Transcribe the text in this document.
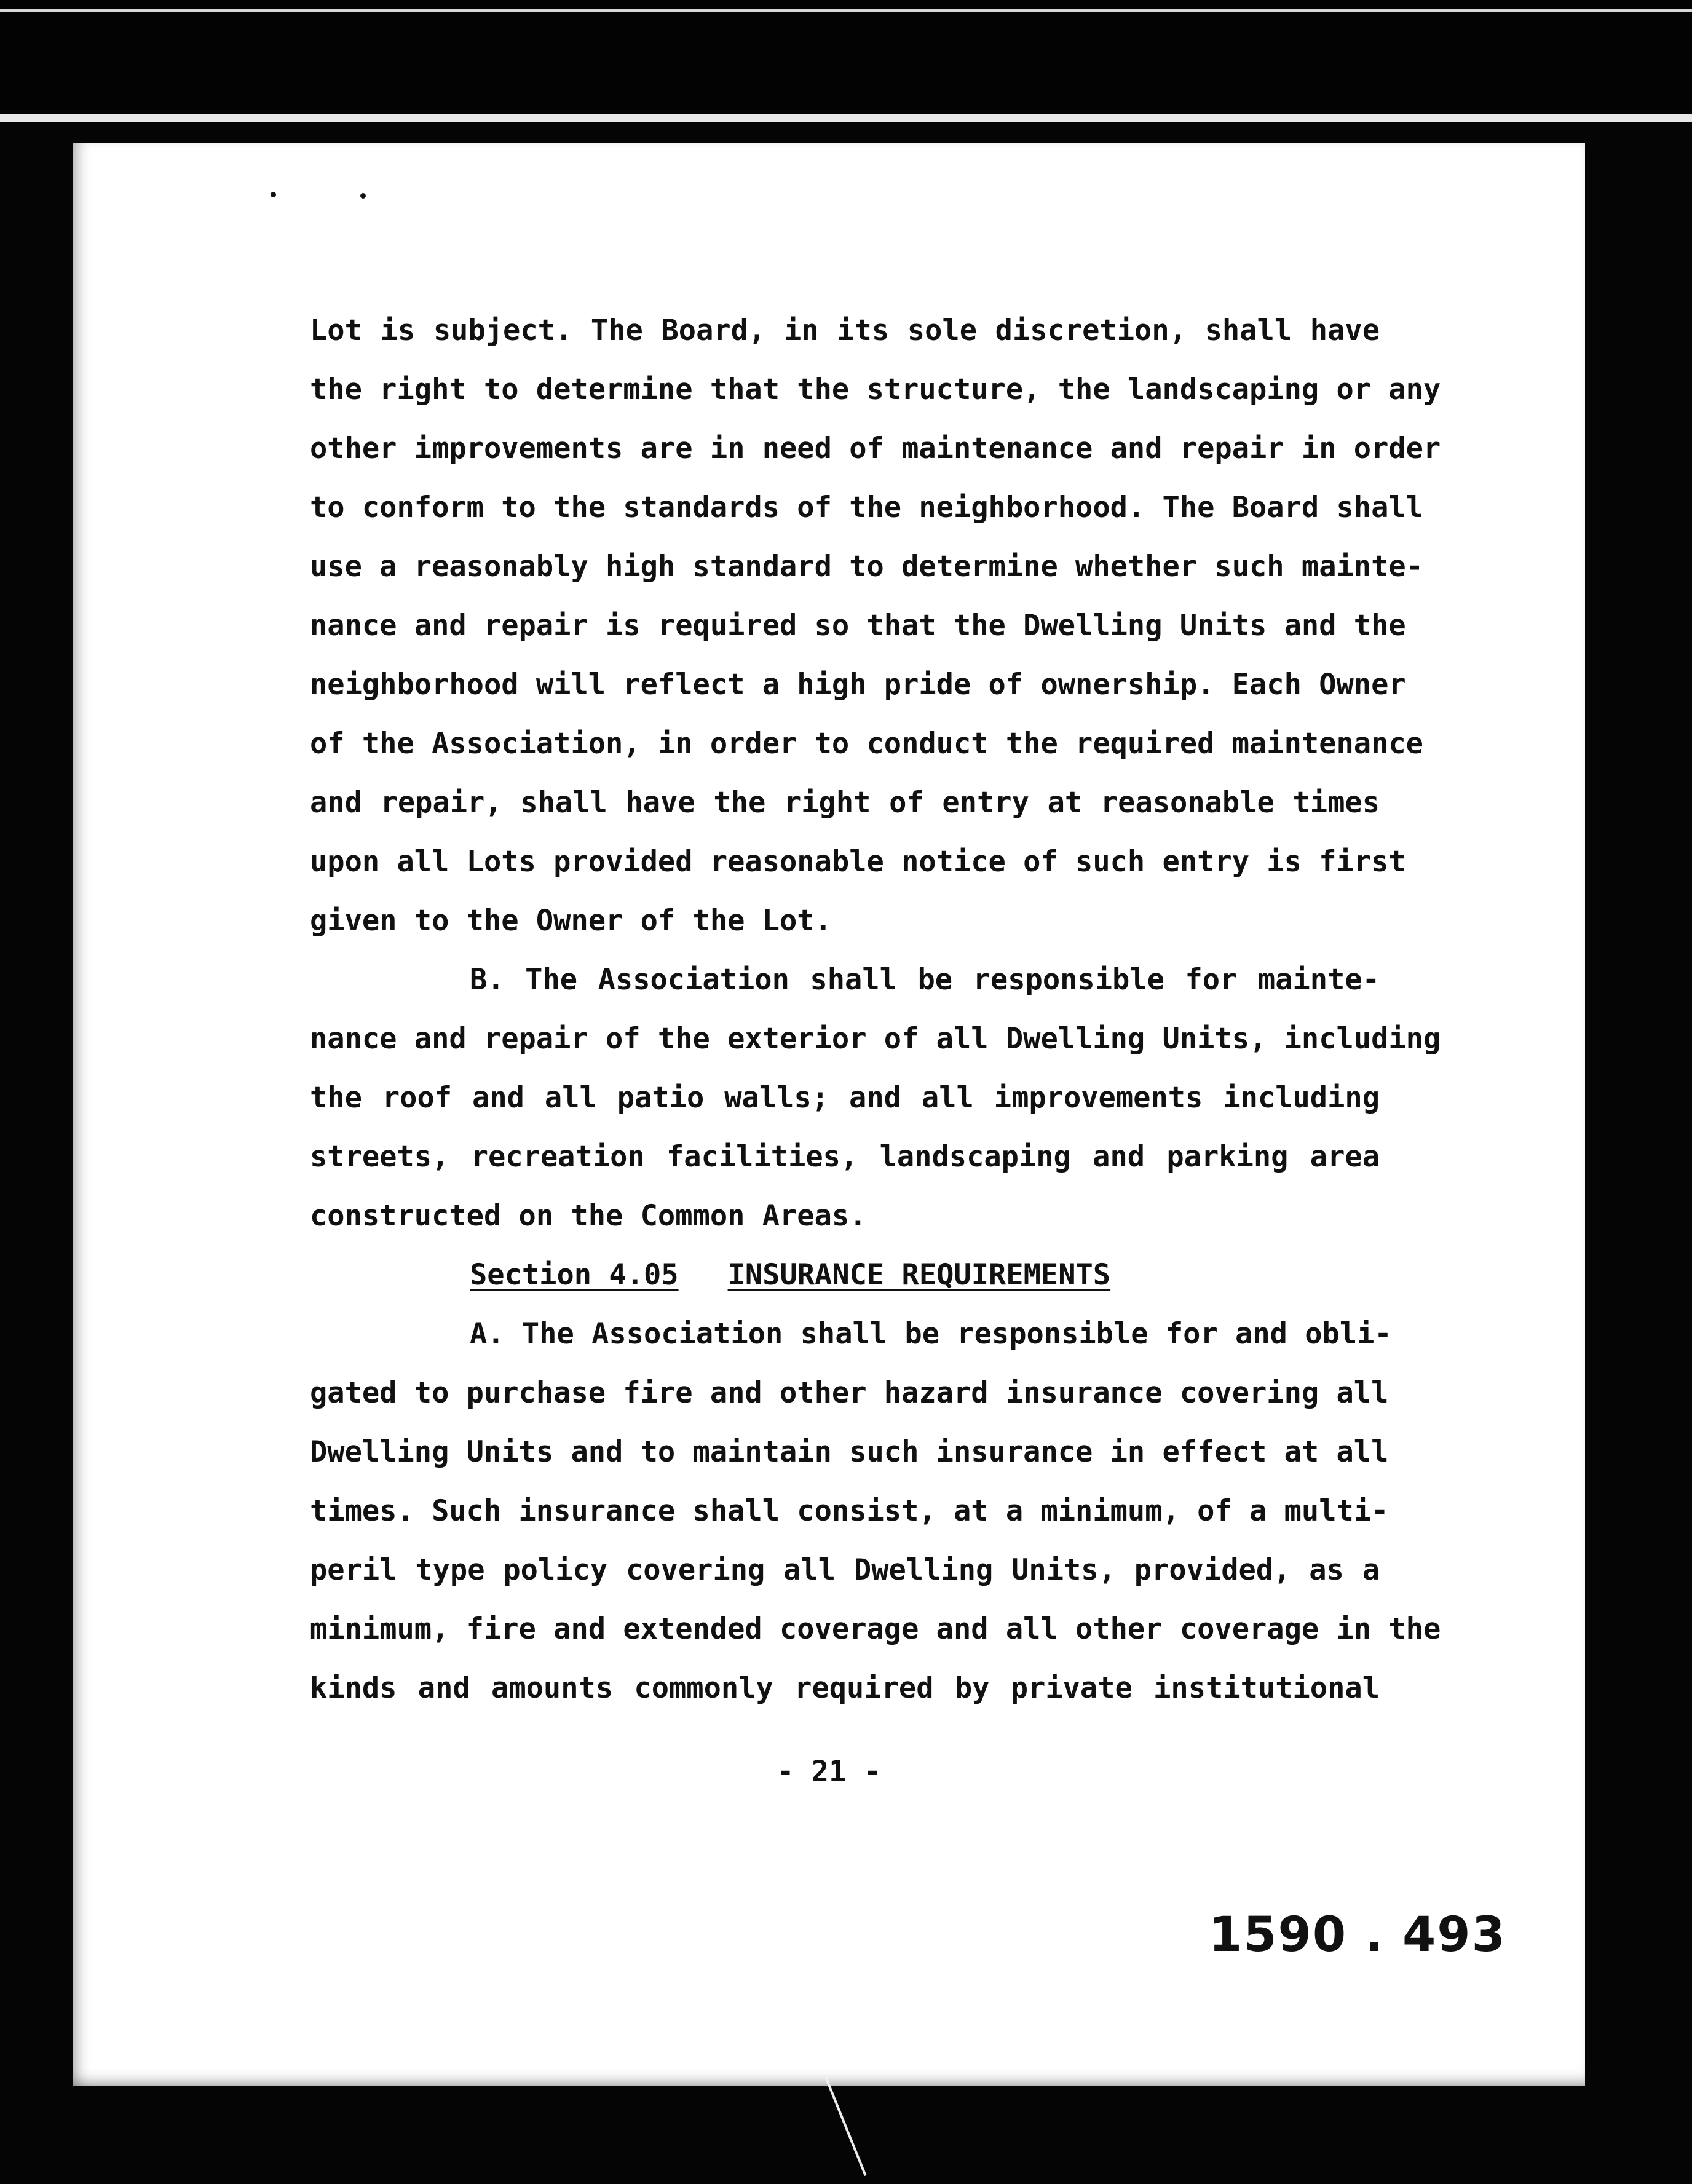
Lot is subject. The Board, in its sole discretion, shall have
the right to determine that the structure, the landscaping or any
other improvements are in need of maintenance and repair in order
to conform to the standards of the neighborhood. The Board shall
use a reasonably high standard to determine whether such mainte-
nance and repair is required so that the Dwelling Units and the
neighborhood will reflect a high pride of ownership. Each Owner
of the Association, in order to conduct the required maintenance
and repair, shall have the right of entry at reasonable times
upon all Lots provided reasonable notice of such entry is first
given to the Owner of the Lot.
B. The Association shall be responsible for mainte-
nance and repair of the exterior of all Dwelling Units, including
the roof and all patio walls; and all improvements including
streets, recreation facilities, landscaping and parking area
constructed on the Common Areas.
Section 4.05 INSURANCE REQUIREMENTS
A. The Association shall be responsible for and obli-
gated to purchase fire and other hazard insurance covering all
Dwelling Units and to maintain such insurance in effect at all
times. Such insurance shall consist, at a minimum, of a multi-
peril type policy covering all Dwelling Units, provided, as a
minimum, fire and extended coverage and all other coverage in the
kinds and amounts commonly required by private institutional
- 21 -
1590 . 493
